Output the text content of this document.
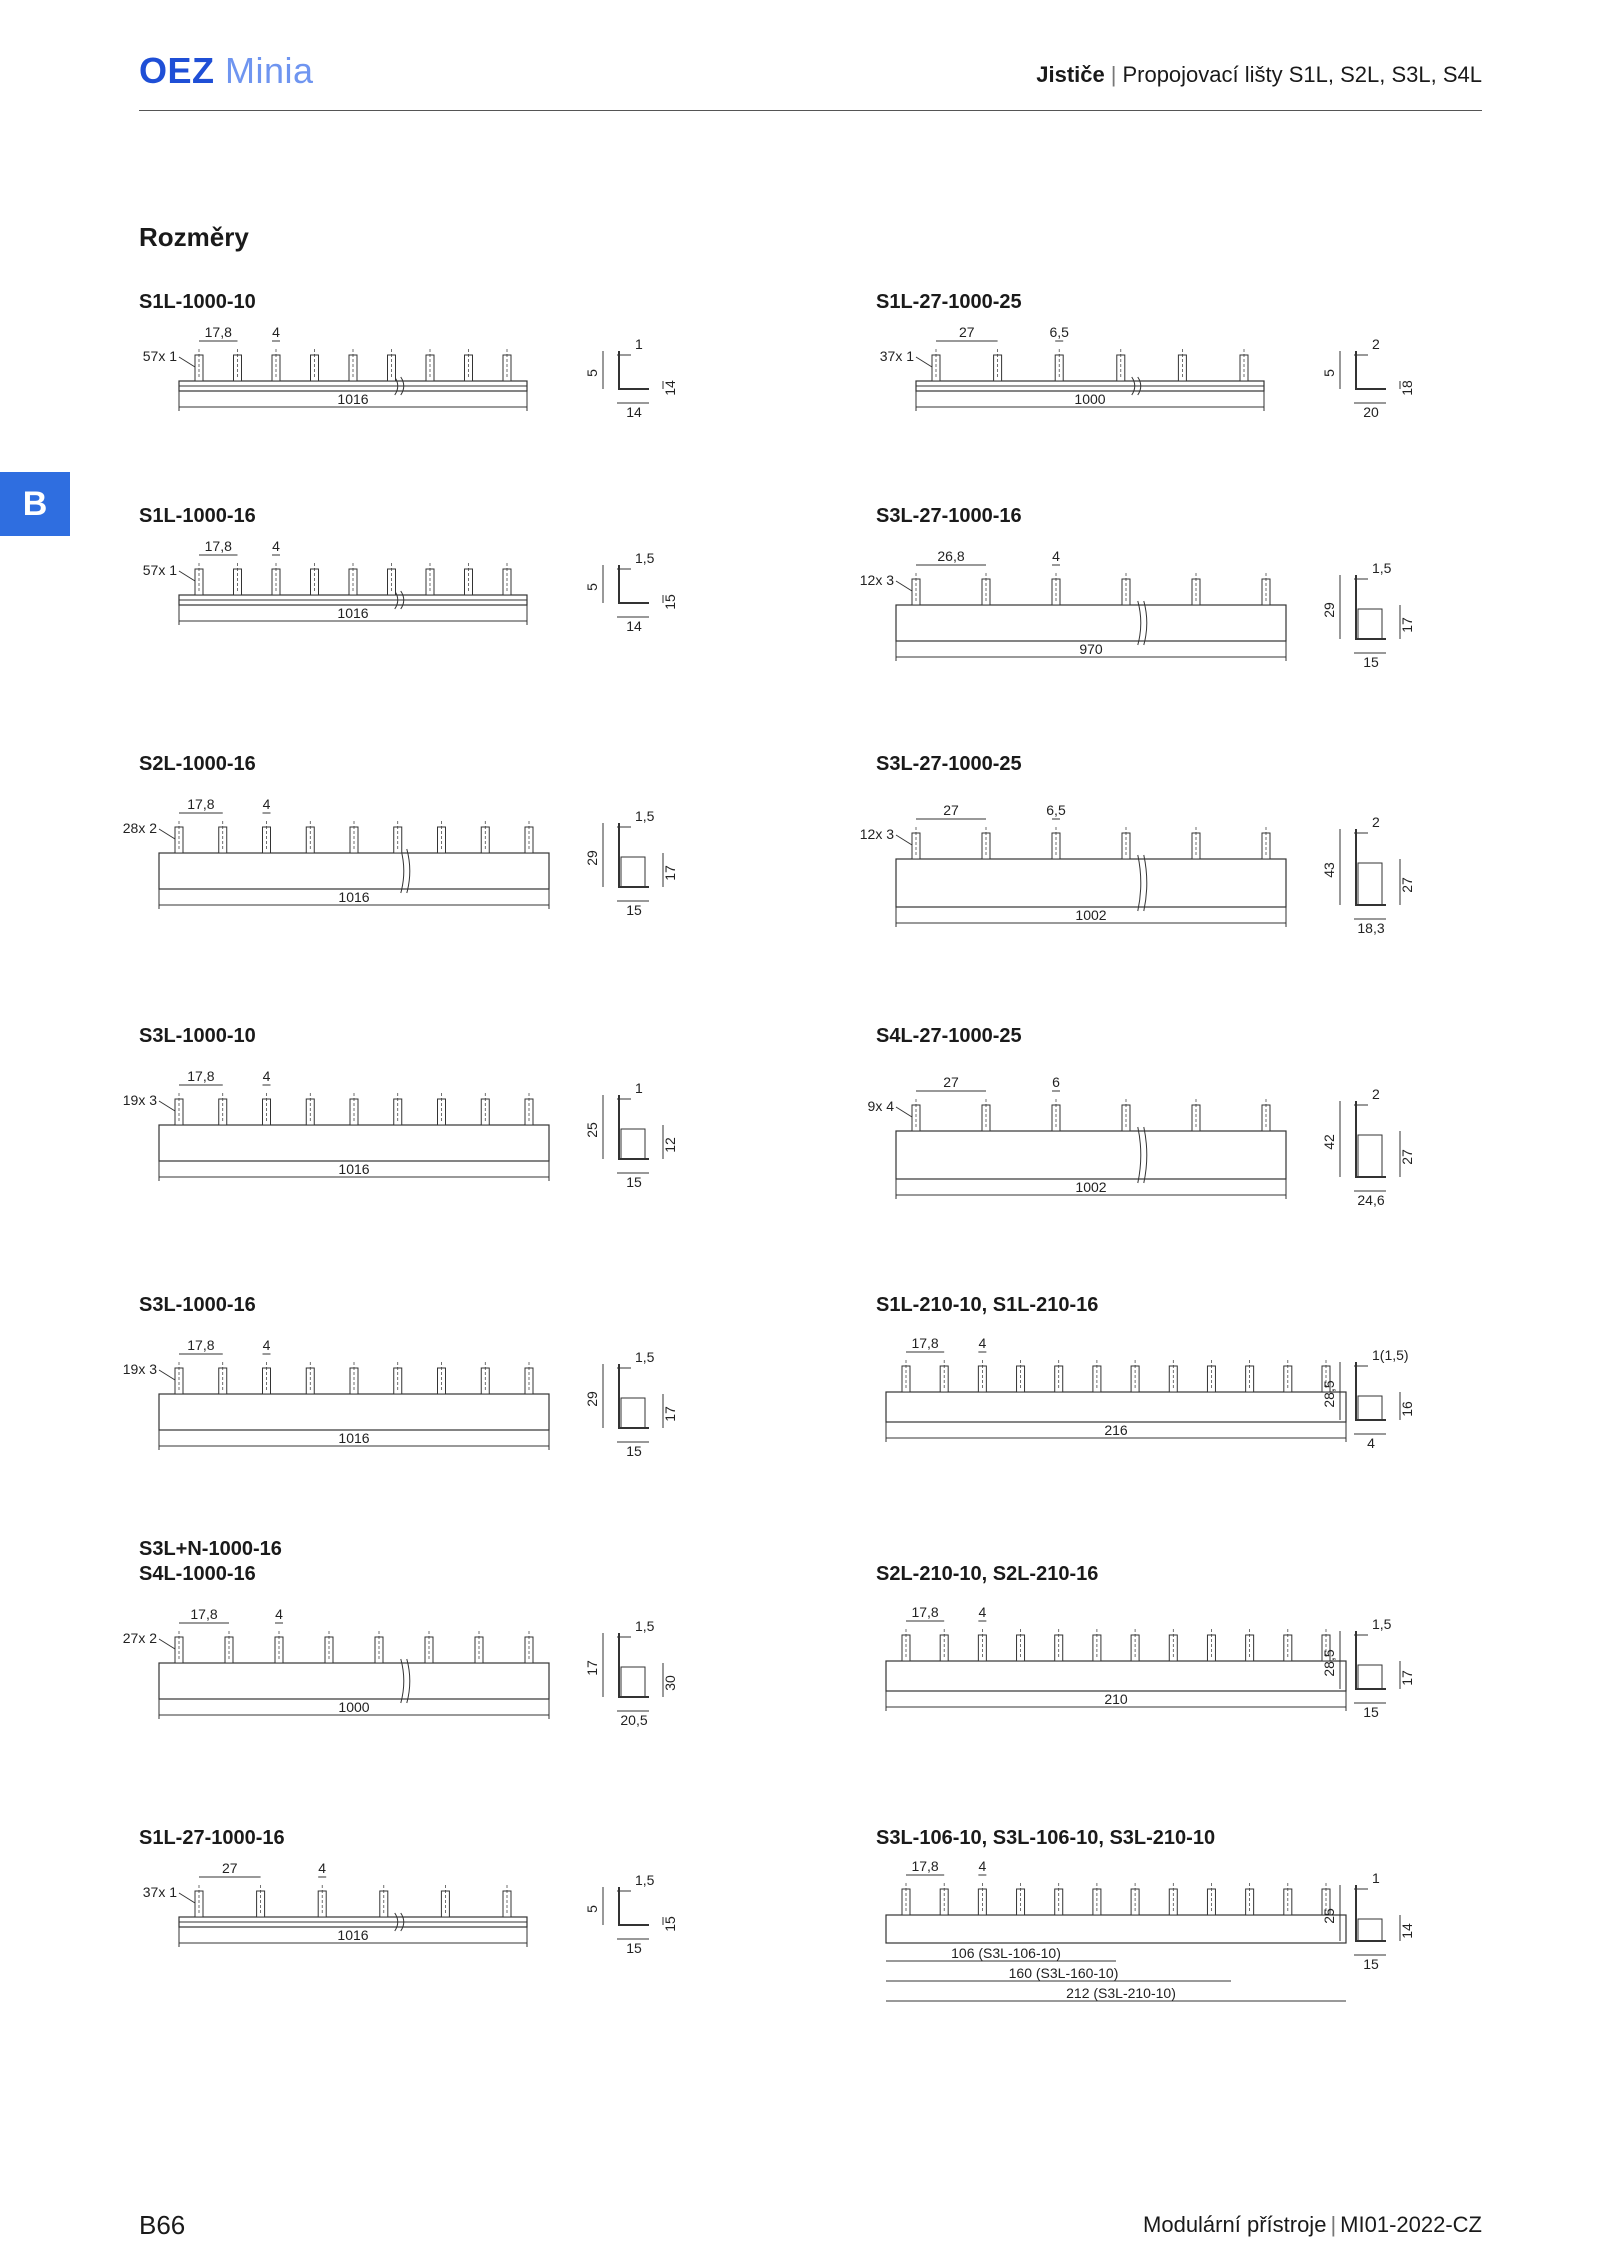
OEZ Minia	Jističe | Propojovací lišty S1L, S2L, S3L, S4L
B
Rozměry
S1L-1000-10
17,8	4
57x 1
1016
1
14
14
5
S1L-27-1000-25
27	6,5
37x 1
1000
2
18
20
5
S1L-1000-16
17,8	4
57x 1
1016
1,5
15
14
5
S3L-27-1000-16
26,8	4
12x 3
970
1,5
17
15
29
S2L-1000-16
17,8	4
28x 2
1016
1,5
17
15
29
S3L-27-1000-25
27	6,5
12x 3
1002
2
27
18,3
43
S3L-1000-10
17,8	4
19x 3
1016
1
12
15
25
S4L-27-1000-25
27	6
9x 4
1002
2
27
24,6
42
S3L-1000-16
17,8	4
19x 3
1016
1,5
17
15
29
S1L-210-10, S1L-210-16
17,8	4
216
1(1,5)
16
4
28,5
S3L+N-1000-16
S4L-1000-16
17,8	4
27x 2
1000
1,5
30
20,5
17
S2L-210-10, S2L-210-16
17,8	4
210
1,5
17
15
28,5
S1L-27-1000-16
27	4
37x 1
1016
1,5
15
15
5
S3L-106-10, S3L-106-10, S3L-210-10
17,8	4
106 (S3L-106-10)
160 (S3L-160-10)
212 (S3L-210-10)
1
14
15
25
B66	Modulární přístroje | MI01-2022-CZ
